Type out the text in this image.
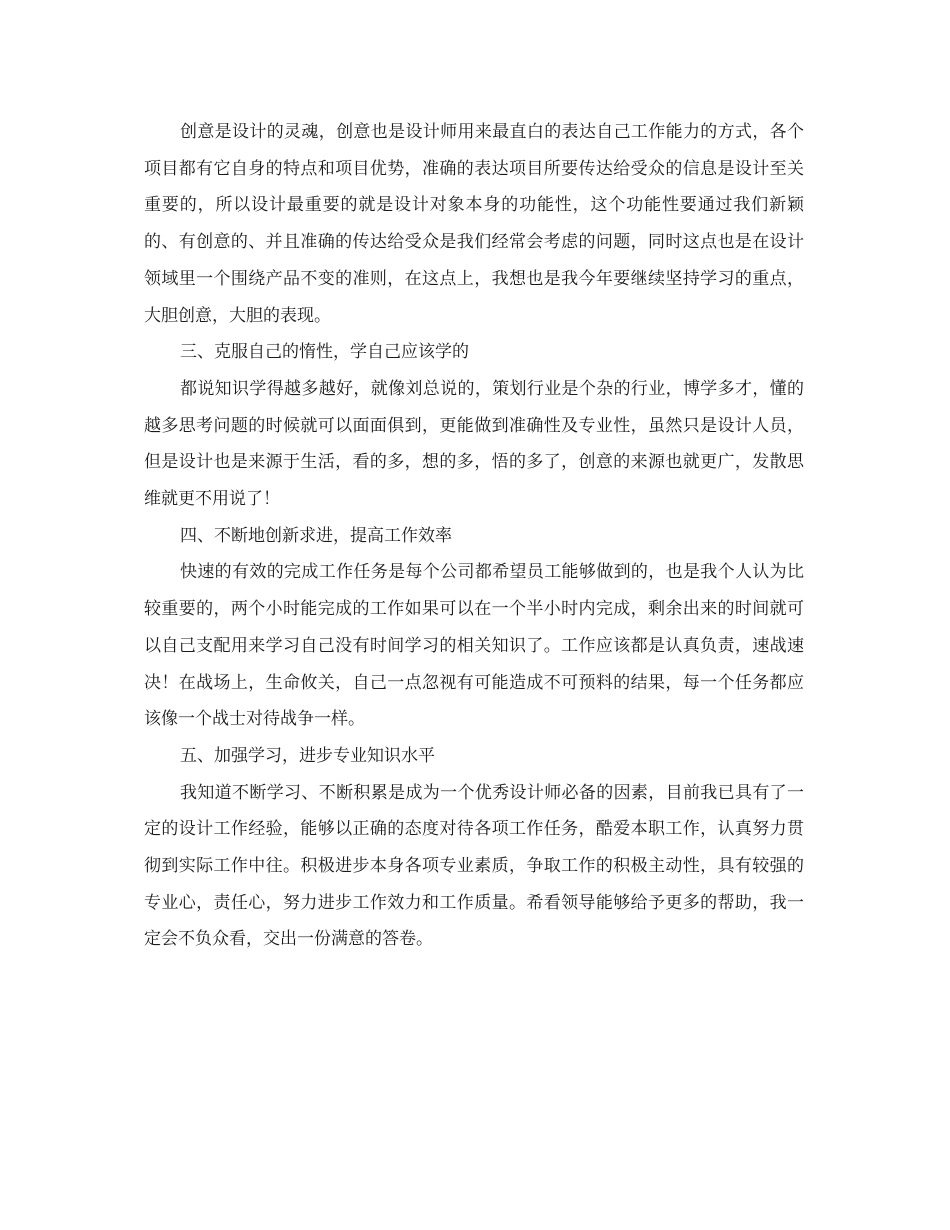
创意是设计的灵魂，创意也是设计师用来最直白的表达自己工作能力的方式，各个项目都有它自身的特点和项目优势，准确的表达项目所要传达给受众的信息是设计至关重要的，所以设计最重要的就是设计对象本身的功能性，这个功能性要通过我们新颖的、有创意的、并且准确的传达给受众是我们经常会考虑的问题，同时这点也是在设计领域里一个围绕产品不变的准则，在这点上，我想也是我今年要继续坚持学习的重点，大胆创意，大胆的表现。

三、克服自己的惰性，学自己应该学的

都说知识学得越多越好，就像刘总说的，策划行业是个杂的行业，博学多才，懂的越多思考问题的时候就可以面面俱到，更能做到准确性及专业性，虽然只是设计人员，但是设计也是来源于生活，看的多，想的多，悟的多了，创意的来源也就更广，发散思维就更不用说了！

四、不断地创新求进，提高工作效率

快速的有效的完成工作任务是每个公司都希望员工能够做到的，也是我个人认为比较重要的，两个小时能完成的工作如果可以在一个半小时内完成，剩余出来的时间就可以自己支配用来学习自己没有时间学习的相关知识了。工作应该都是认真负责，速战速决！在战场上，生命攸关，自己一点忽视有可能造成不可预料的结果，每一个任务都应该像一个战士对待战争一样。

五、加强学习，进步专业知识水平

我知道不断学习、不断积累是成为一个优秀设计师必备的因素，目前我已具有了一定的设计工作经验，能够以正确的态度对待各项工作任务，酷爱本职工作，认真努力贯彻到实际工作中往。积极进步本身各项专业素质，争取工作的积极主动性，具有较强的专业心，责任心，努力进步工作效力和工作质量。希看领导能够给予更多的帮助，我一定会不负众看，交出一份满意的答卷。
